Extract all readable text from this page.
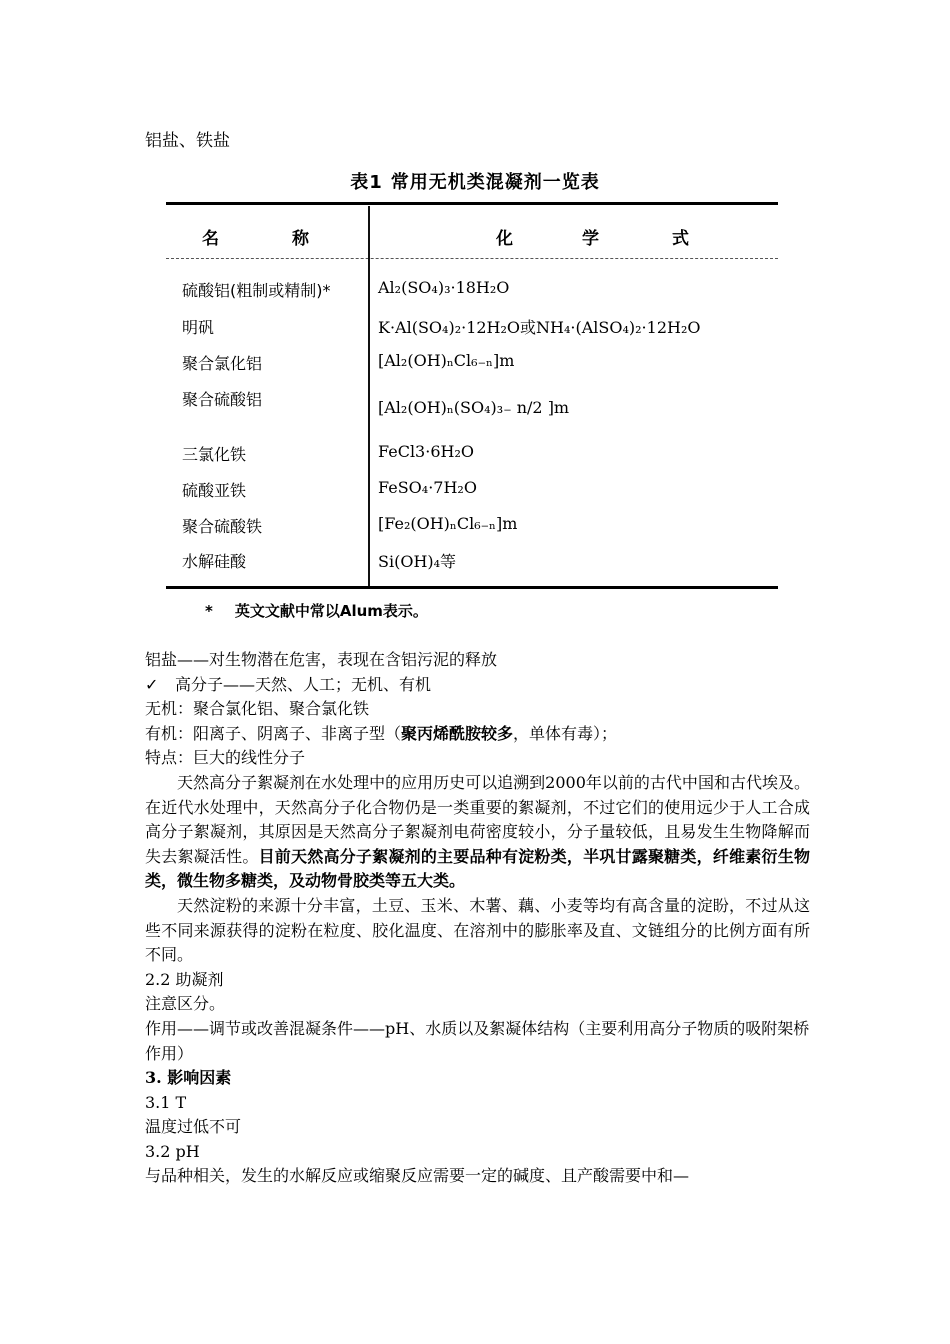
铝盐、铁盐
表1 常用无机类混凝剂一览表
名	称	化	学	式
硫酸铝(粗制或精制)*	Al₂(SO₄)₃·18H₂O
明矾	K·Al(SO₄)₂·12H₂O或NH₄·(AlSO₄)₂·12H₂O
聚合氯化铝	[Al₂(OH)ₙCl₆₋ₙ]m
聚合硫酸铝	[Al₂(OH)ₙ(SO₄)₃₋ n/2 ]m
三氯化铁	FeCl3·6H₂O
硫酸亚铁	FeSO₄·7H₂O
聚合硫酸铁	[Fe₂(OH)ₙCl₆₋ₙ]m
水解硅酸	Si(OH)₄等
* 英文文献中常以Alum表示。

铝盐——对生物潜在危害，表现在含铝污泥的释放

✓ 高分子——天然、人工；无机、有机

无机：聚合氯化铝、聚合氯化铁

有机：阳离子、阴离子、非离子型（聚丙烯酰胺较多，单体有毒）；

特点：巨大的线性分子

天然高分子絮凝剂在水处理中的应用历史可以追溯到2000年以前的古代中国和古代埃及。在近代水处理中，天然高分子化合物仍是一类重要的絮凝剂，不过它们的使用远少于人工合成高分子絮凝剂，其原因是天然高分子絮凝剂电荷密度较小，分子量较低，且易发生生物降解而失去絮凝活性。目前天然高分子絮凝剂的主要品种有淀粉类，半巩甘露聚糖类，纤维素衍生物类，微生物多糖类，及动物骨胶类等五大类。

天然淀粉的来源十分丰富，土豆、玉米、木薯、藕、小麦等均有高含量的淀盼，不过从这些不同来源获得的淀粉在粒度、胶化温度、在溶剂中的膨胀率及直、文链组分的比例方面有所不同。

2.2 助凝剂

注意区分。

作用——调节或改善混凝条件——pH、水质以及絮凝体结构（主要利用高分子物质的吸附架桥作用）

3. 影响因素

3.1 T

温度过低不可

3.2 pH

与品种相关，发生的水解反应或缩聚反应需要一定的碱度、且产酸需要中和—
